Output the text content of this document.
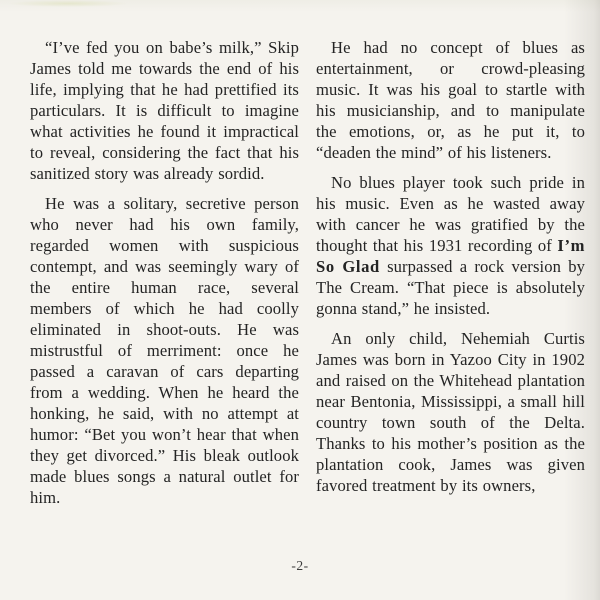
“I’ve fed you on babe’s milk,” Skip James told me towards the end of his life, implying that he had prettified its particulars. It is difficult to imagine what activities he found it impractical to reveal, considering the fact that his sanitized story was already sordid.

He was a solitary, secretive person who never had his own family, regarded women with suspicious contempt, and was seemingly wary of the entire human race, several members of which he had coolly eliminated in shoot-outs. He was mistrustful of merriment: once he passed a caravan of cars departing from a wedding. When he heard the honking, he said, with no attempt at humor: “Bet you won’t hear that when they get divorced.” His bleak outlook made blues songs a natural outlet for him.

He had no concept of blues as entertainment, or crowd-pleasing music. It was his goal to startle with his musicianship, and to manipulate the emotions, or, as he put it, to “deaden the mind” of his listeners.

No blues player took such pride in his music. Even as he wasted away with cancer he was gratified by the thought that his 1931 recording of I’m So Glad surpassed a rock version by The Cream. “That piece is absolutely gonna stand,” he insisted.

An only child, Nehemiah Curtis James was born in Yazoo City in 1902 and raised on the Whitehead plantation near Bentonia, Mississippi, a small hill country town south of the Delta. Thanks to his mother’s position as the plantation cook, James was given favored treatment by its owners,

-2-
